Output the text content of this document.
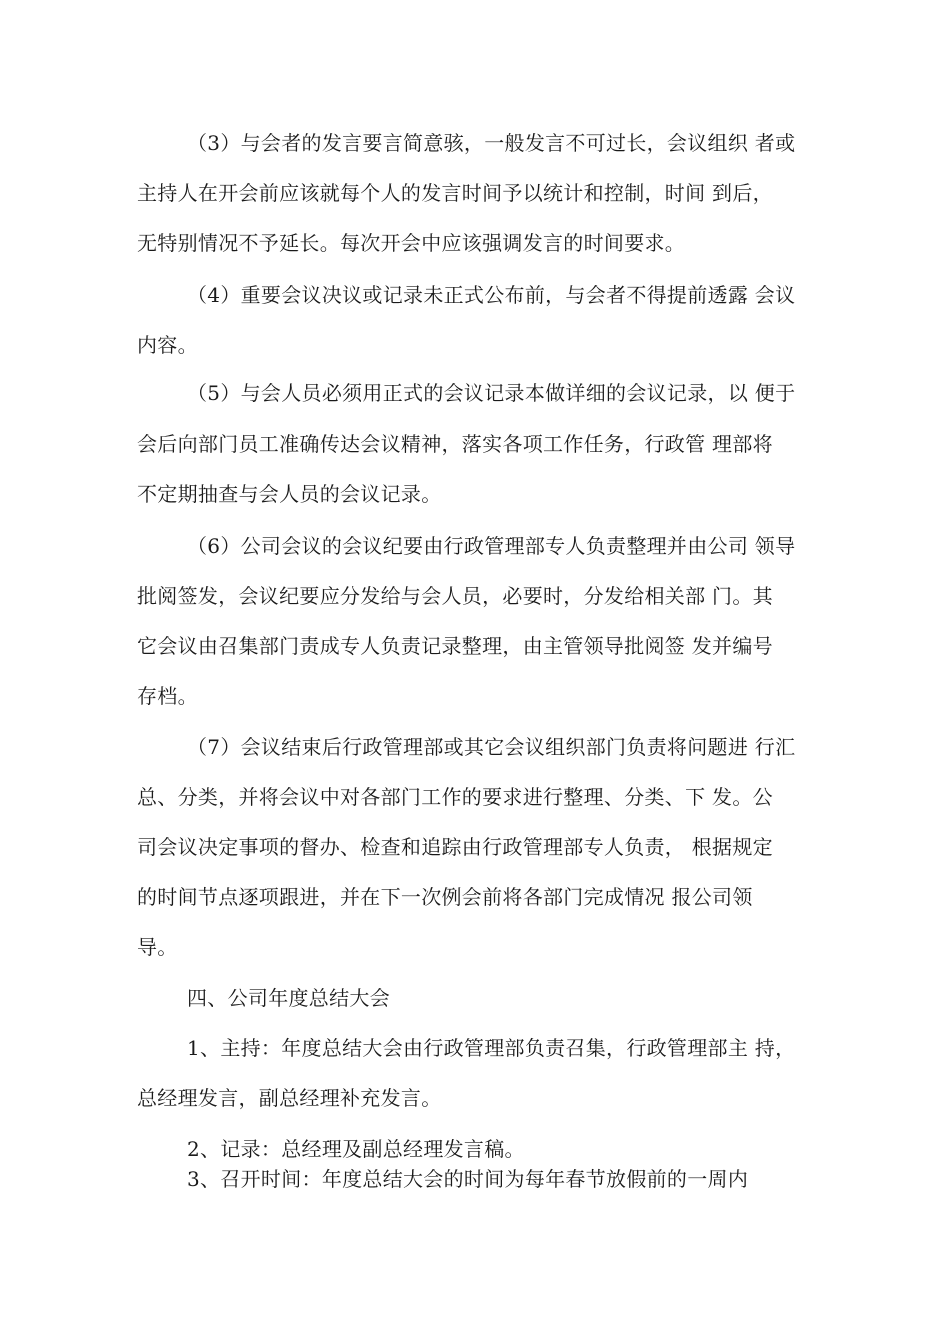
（3）与会者的发言要言简意骇，一般发言不可过长，会议组织 者或
主持人在开会前应该就每个人的发言时间予以统计和控制，时间 到后，
无特别情况不予延长。每次开会中应该强调发言的时间要求。
（4）重要会议决议或记录未正式公布前，与会者不得提前透露 会议
内容。
（5）与会人员必须用正式的会议记录本做详细的会议记录，以 便于
会后向部门员工准确传达会议精神，落实各项工作任务，行政管 理部将
不定期抽查与会人员的会议记录。
（6）公司会议的会议纪要由行政管理部专人负责整理并由公司 领导
批阅签发，会议纪要应分发给与会人员，必要时，分发给相关部 门。其
它会议由召集部门责成专人负责记录整理，由主管领导批阅签 发并编号
存档。
（7）会议结束后行政管理部或其它会议组织部门负责将问题进 行汇
总、分类，并将会议中对各部门工作的要求进行整理、分类、下 发。公
司会议决定事项的督办、检查和追踪由行政管理部专人负责， 根据规定
的时间节点逐项跟进，并在下一次例会前将各部门完成情况 报公司领
导。
四、公司年度总结大会
1、主持：年度总结大会由行政管理部负责召集，行政管理部主 持，
总经理发言，副总经理补充发言。
2、记录：总经理及副总经理发言稿。
3、召开时间：年度总结大会的时间为每年春节放假前的一周内
